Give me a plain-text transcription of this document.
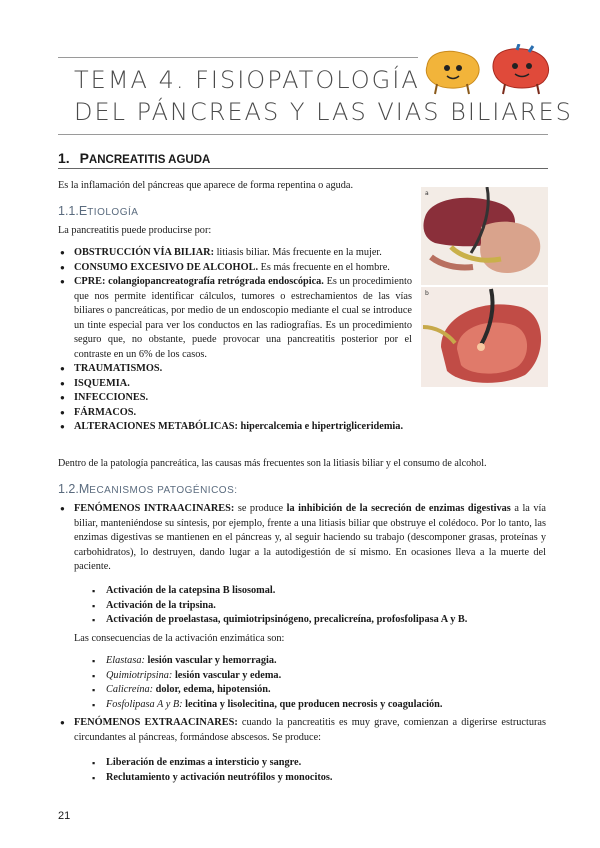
TEMA 4. FISIOPATOLOGÍA
DEL PÁNCREAS Y LAS VIAS BILIARES
1. PANCREATITIS AGUDA
Es la inflamación del páncreas que aparece de forma repentina o aguda.
1.1.ETIOLOGÍA
La pancreatitis puede producirse por:
● OBSTRUCCIÓN VÍA BILIAR: litiasis biliar. Más frecuente en la mujer.
● CONSUMO EXCESIVO DE ALCOHOL. Es más frecuente en el hombre.
● CPRE: colangiopancreatografía retrógrada endoscópica. Es un procedimiento que nos permite identificar cálculos, tumores o estrechamientos de las vías biliares o pancreáticas, por medio de un endoscopio mediante el cual se introduce un tinte especial para ver los conductos en las radiografías. Es un procedimiento seguro que, no obstante, puede provocar una pancreatitis posterior por el contraste en un 6% de los casos.
● TRAUMATISMOS.
● ISQUEMIA.
● INFECCIONES.
● FÁRMACOS.
● ALTERACIONES METABÓLICAS: hipercalcemia e hipertrigliceridemia.
a
b
Dentro de la patología pancreática, las causas más frecuentes son la litiasis biliar y el consumo de alcohol.
1.2.MECANISMOS PATOGÉNICOS:
● FENÓMENOS INTRAACINARES: se produce la inhibición de la secreción de enzimas digestivas a la vía biliar, manteniéndose su síntesis, por ejemplo, frente a una litiasis biliar que obstruye el colédoco. Por lo tanto, las enzimas digestivas se mantienen en el páncreas y, al seguir haciendo su trabajo (descomponer grasas, proteínas y carbohidratos), lo destruyen, dando lugar a la autodigestión de sí mismo. En ocasiones lleva a la muerte del paciente.
▪ Activación de la catepsina B lisosomal.
▪ Activación de la tripsina.
▪ Activación de proelastasa, quimiotripsinógeno, precalicreína, profosfolipasa A y B.
Las consecuencias de la activación enzimática son:
▪ Elastasa: lesión vascular y hemorragia.
▪ Quimiotripsina: lesión vascular y edema.
▪ Calicreína: dolor, edema, hipotensión.
▪ Fosfolipasa A y B: lecitina y lisolecitina, que producen necrosis y coagulación.
● FENÓMENOS EXTRAACINARES: cuando la pancreatitis es muy grave, comienzan a digerirse estructuras circundantes al páncreas, formándose abscesos. Se produce:
▪ Liberación de enzimas a intersticio y sangre.
▪ Reclutamiento y activación neutrófilos y monocitos.
21
